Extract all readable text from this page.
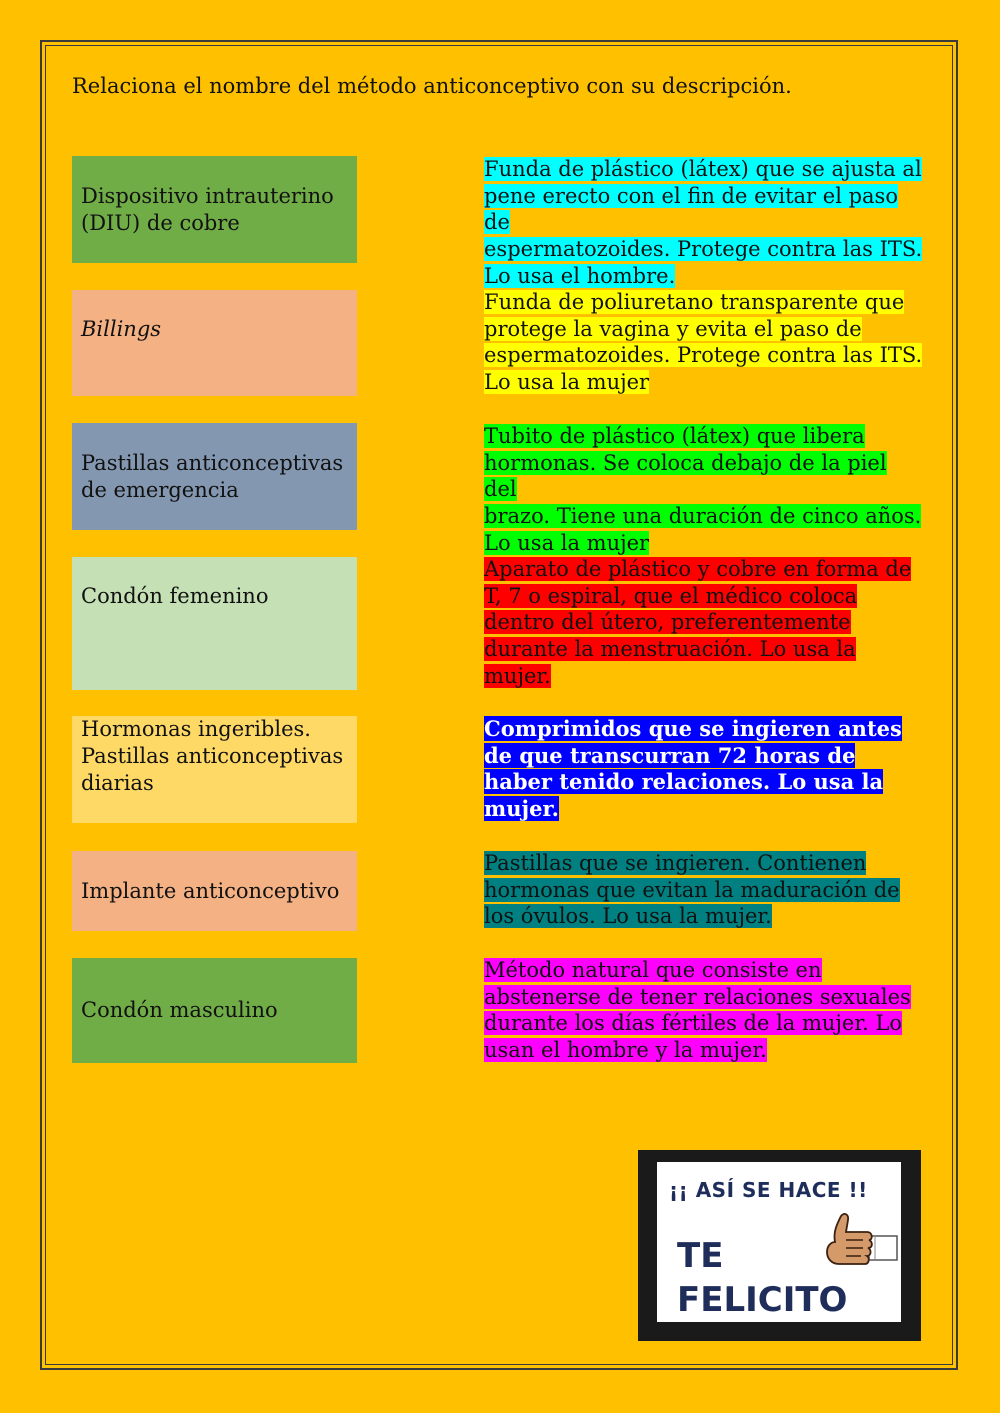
Relaciona el nombre del método anticonceptivo con su descripción.
Dispositivo intrauterino
(DIU) de cobre
Billings
Pastillas anticonceptivas
de emergencia
Condón femenino
Hormonas ingeribles.
Pastillas anticonceptivas
diarias
Implante anticonceptivo
Condón masculino
Funda de plástico (látex) que se ajusta al
pene erecto con el fin de evitar el paso de
espermatozoides. Protege contra las ITS.
Lo usa el hombre.
Funda de poliuretano transparente que
protege la vagina y evita el paso de
espermatozoides. Protege contra las ITS.
Lo usa la mujer
Tubito de plástico (látex) que libera
hormonas. Se coloca debajo de la piel del
brazo. Tiene una duración de cinco años.
Lo usa la mujer
Aparato de plástico y cobre en forma de
T, 7 o espiral, que el médico coloca
dentro del útero, preferentemente
durante la menstruación. Lo usa la
mujer.
Comprimidos que se ingieren antes
de que transcurran 72 horas de
haber tenido relaciones. Lo usa la
mujer.
Pastillas que se ingieren. Contienen
hormonas que evitan la maduración de
los óvulos. Lo usa la mujer.
Método natural que consiste en
abstenerse de tener relaciones sexuales
durante los días fértiles de la mujer. Lo
usan el hombre y la mujer.
¡¡ ASÍ SE HACE !!
TE
FELICITO
